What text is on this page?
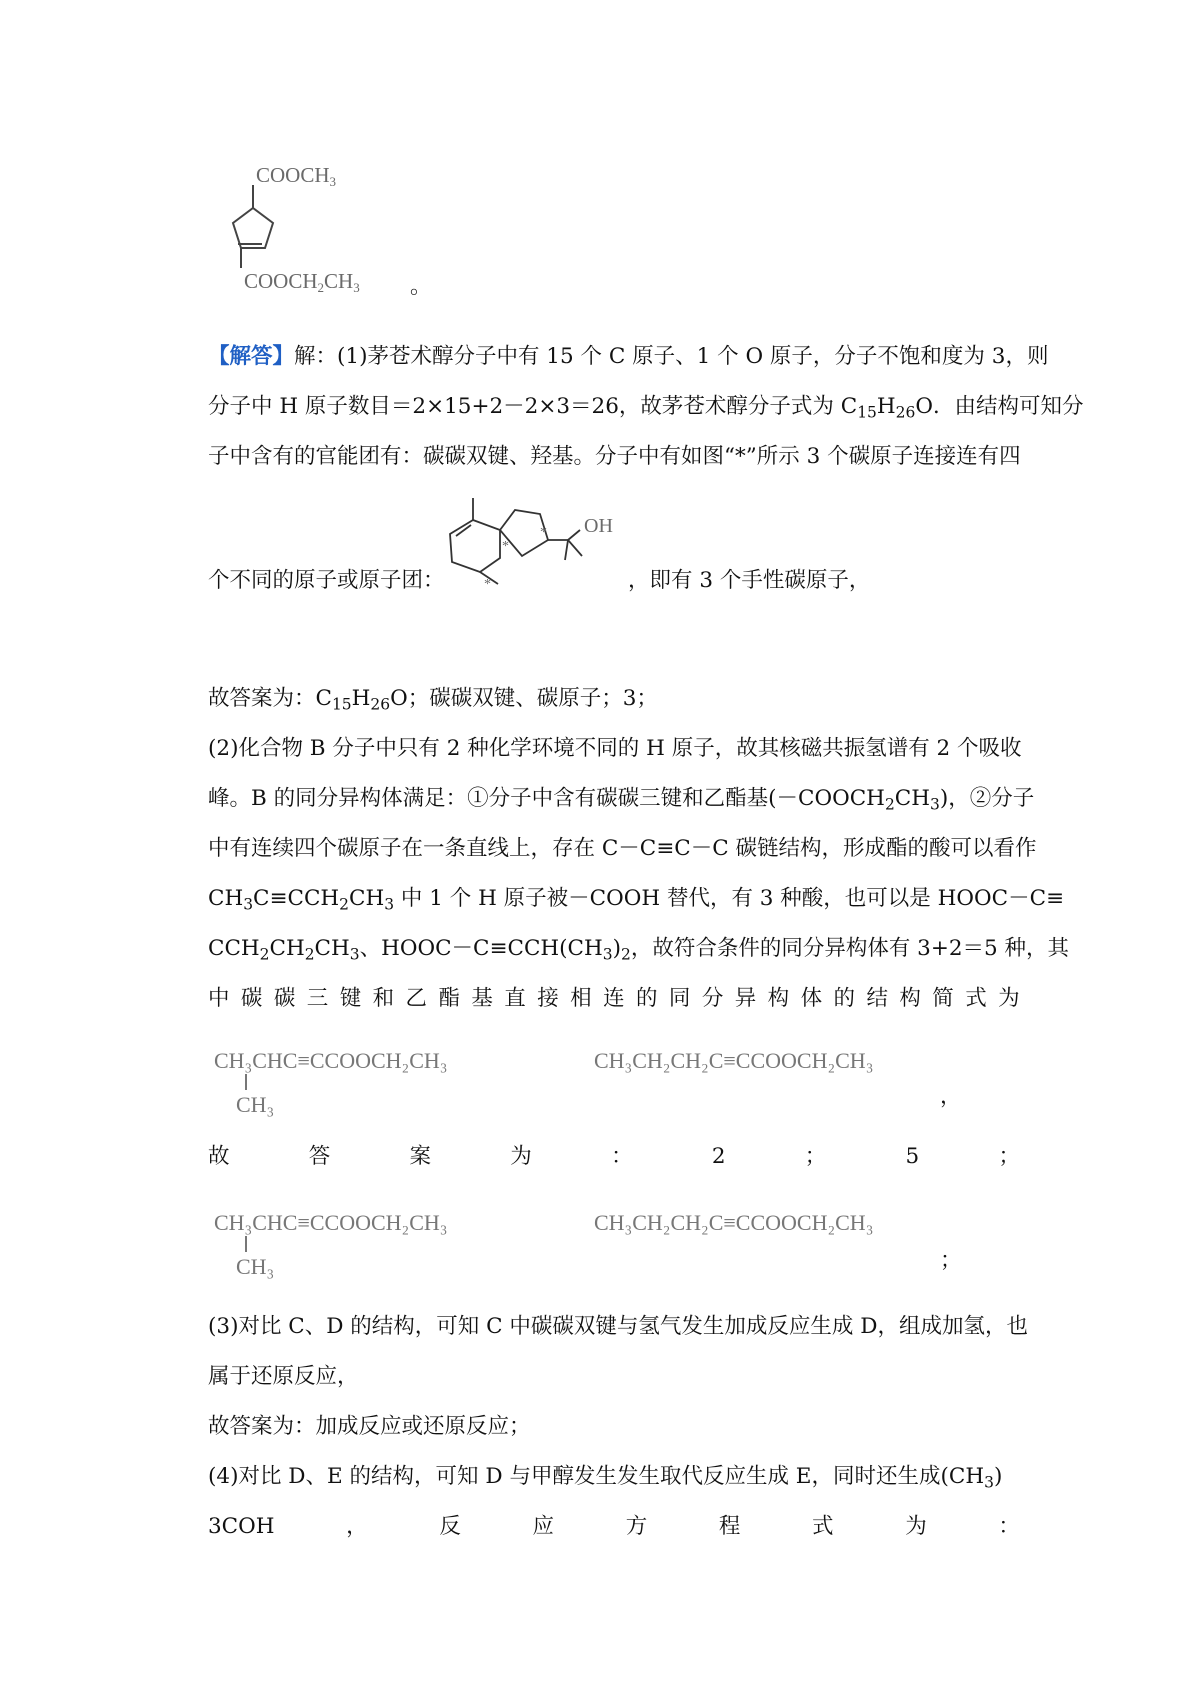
COOCH3
COOCH2CH3 。
【解答】解：(1)茅苍术醇分子中有 15 个 C 原子、1 个 O 原子，分子不饱和度为 3，则
分子中 H 原子数目＝2×15+2－2×3＝26，故茅苍术醇分子式为 $C_{15}H_{26}O$．由结构可知分
子中含有的官能团有：碳碳双键、羟基。分子中有如图“*”所示 3 个碳原子连接连有四
OH
*
*
*
个不同的原子或原子团：	，即有 3 个手性碳原子，
故答案为：$C_{15}H_{26}O$；碳碳双键、碳原子；3；
(2)化合物 B 分子中只有 2 种化学环境不同的 H 原子，故其核磁共振氢谱有 2 个吸收
峰。B 的同分异构体满足：①分子中含有碳碳三键和乙酯基$(-COOCH_2CH_3)$，②分子
中有连续四个碳原子在一条直线上，存在 C－C≡C－C 碳链结构，形成酯的酸可以看作
$CH_3C\equiv CCH_2CH_3$ 中 1 个 H 原子被－COOH 替代，有 3 种酸，也可以是 HOOC－C≡
$CCH_2CH_2CH_3$、$HOOC-C\equiv CCH(CH_3)_2$，故符合条件的同分异构体有 3+2＝5 种，其
中 碳 碳 三 键 和 乙 酯 基 直 接 相 连 的 同 分 异 构 体 的 结 构 简 式 为
CH₃CHC≡CCOOCH₂CH₃
CH₃
CH₃CH₂CH₂C≡CCOOCH₂CH₃
，
故	答	案	为	：	2	；	5	；
CH₃CHC≡CCOOCH₂CH₃
CH₃
CH₃CH₂CH₂C≡CCOOCH₂CH₃
；
(3)对比 C、D 的结构，可知 C 中碳碳双键与氢气发生加成反应生成 D，组成加氢，也
属于还原反应，
故答案为：加成反应或还原反应；
(4)对比 D、E 的结构，可知 D 与甲醇发生发生取代反应生成 E，同时还生成$(CH_3)$
3COH	，	反	应	方	程	式	为	：
